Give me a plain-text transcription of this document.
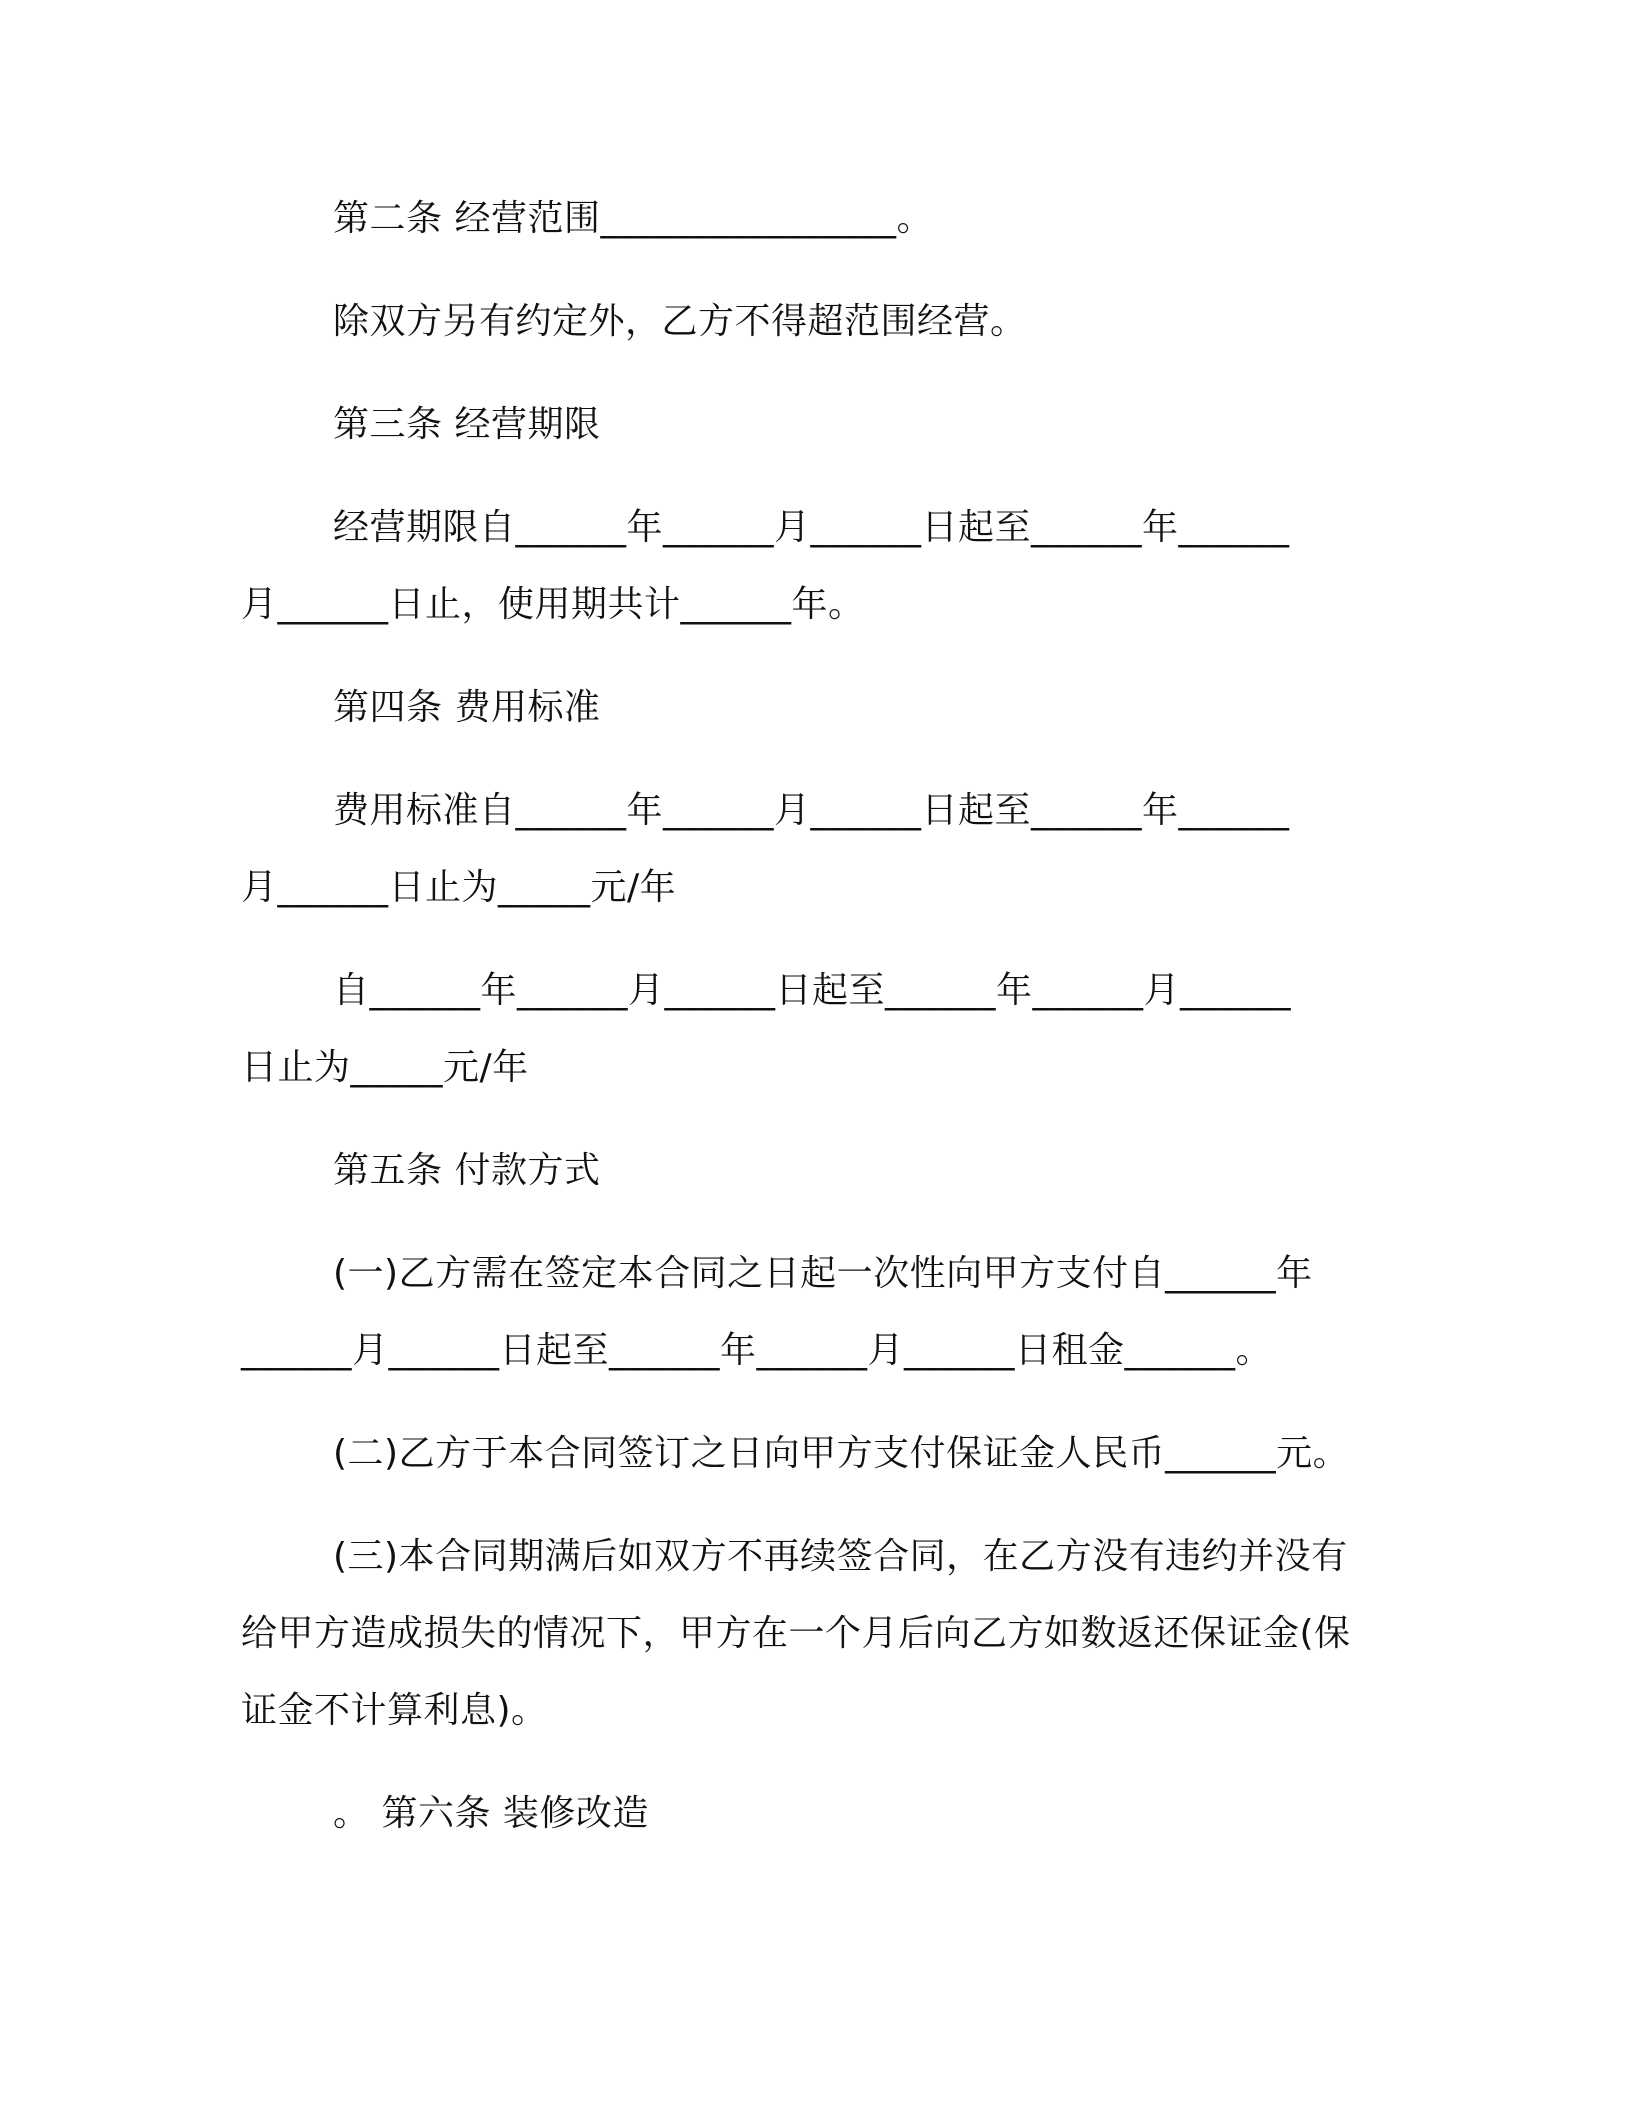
第二条 经营范围________________。
除双方另有约定外，乙方不得超范围经营。
第三条 经营期限
经营期限自______年______月______日起至______年______
月______日止，使用期共计______年。
第四条 费用标准
费用标准自______年______月______日起至______年______
月______日止为_____元/年
自______年______月______日起至______年______月______
日止为_____元/年
第五条 付款方式
(一)乙方需在签定本合同之日起一次性向甲方支付自______年
______月______日起至______年______月______日租金______。
(二)乙方于本合同签订之日向甲方支付保证金人民币______元。
(三)本合同期满后如双方不再续签合同，在乙方没有违约并没有
给甲方造成损失的情况下，甲方在一个月后向乙方如数返还保证金(保
证金不计算利息)。
。 第六条 装修改造
